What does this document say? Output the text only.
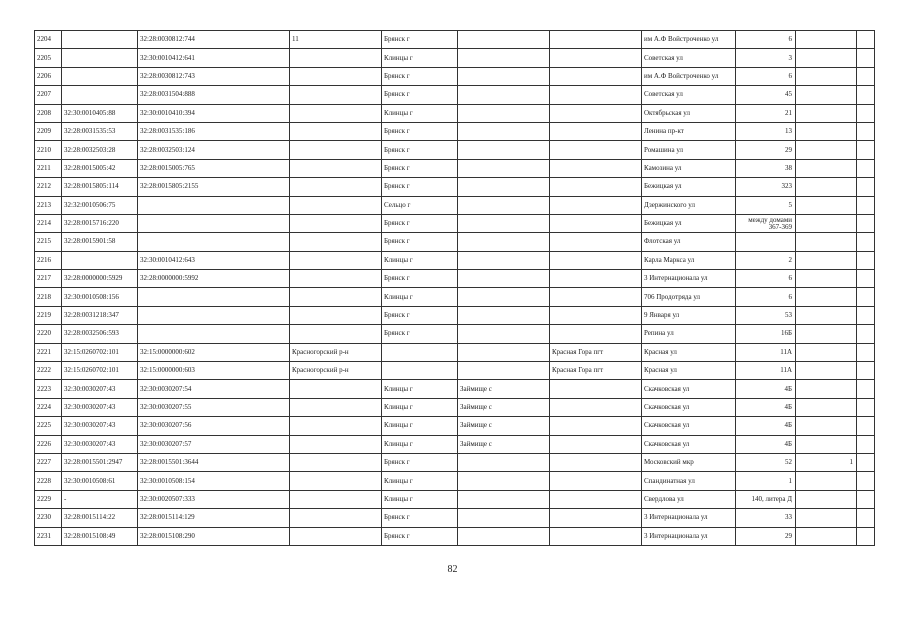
2204		32:28:0030812:744	11	Брянск г			им А.Ф Войстроченко ул	6		
2205		32:30:0010412:641		Клинцы г			Советская ул	3		
2206		32:28:0030812:743		Брянск г			им А.Ф Войстроченко ул	6		
2207		32:28:0031504:888		Брянск г			Советская ул	45		
2208	32:30:0010405:88	32:30:0010410:394		Клинцы г			Октябрьская ул	21		
2209	32:28:0031535:53	32:28:0031535:186		Брянск г			Ленина пр-кт	13		
2210	32:28:0032503:28	32:28:0032503:124		Брянск г			Ромашина ул	29		
2211	32:28:0015005:42	32:28:0015005:765		Брянск г			Камозина ул	38		
2212	32:28:0015805:114	32:28:0015805:2155		Брянск г			Бежицкая ул	323		
2213	32:32:0010506:75			Сельцо г			Дзержинского ул	5		
2214	32:28:0015716:220			Брянск г			Бежицкая ул	между домами 367-369		
2215	32:28:0015901:58			Брянск г			Флотская ул			
2216		32:30:0010412:643		Клинцы г			Карла Маркса ул	2		
2217	32:28:0000000:5929	32:28:0000000:5992		Брянск г			3 Интернационала ул	6		
2218	32:30:0010508:156			Клинцы г			706 Продотряда ул	6		
2219	32:28:0031218:347			Брянск г			9 Января ул	53		
2220	32:28:0032506:593			Брянск г			Репина ул	16Б		
2221	32:15:0260702:101	32:15:0000000:602	Красногорский р-н			Красная Гора пгт	Краснaя ул	11А		
2222	32:15:0260702:101	32:15:0000000:603	Красногорский р-н			Красная Гора пгт	Краснaя ул	11А		
2223	32:30:0030207:43	32:30:0030207:54		Клинцы г	Займище с		Скачковская ул	4Б		
2224	32:30:0030207:43	32:30:0030207:55		Клинцы г	Займище с		Скачковская ул	4Б		
2225	32:30:0030207:43	32:30:0030207:56		Клинцы г	Займище с		Скачковская ул	4Б		
2226	32:30:0030207:43	32:30:0030207:57		Клинцы г	Займище с		Скачковская ул	4Б		
2227	32:28:0015501:2947	32:28:0015501:3644		Брянск г			Московский мкр	52	1	
2228	32:30:0010508:61	32:30:0010508:154		Клинцы г			Спандинатная ул	1		
2229	-	32:30:0020507:333		Клинцы г			Свердлова ул	140, литера Д		
2230	32:28:0015114:22	32:28:0015114:129		Брянск г			3 Интернационала ул	33		
2231	32:28:0015108:49	32:28:0015108:290		Брянск г			3 Интернационала ул	29		
82
